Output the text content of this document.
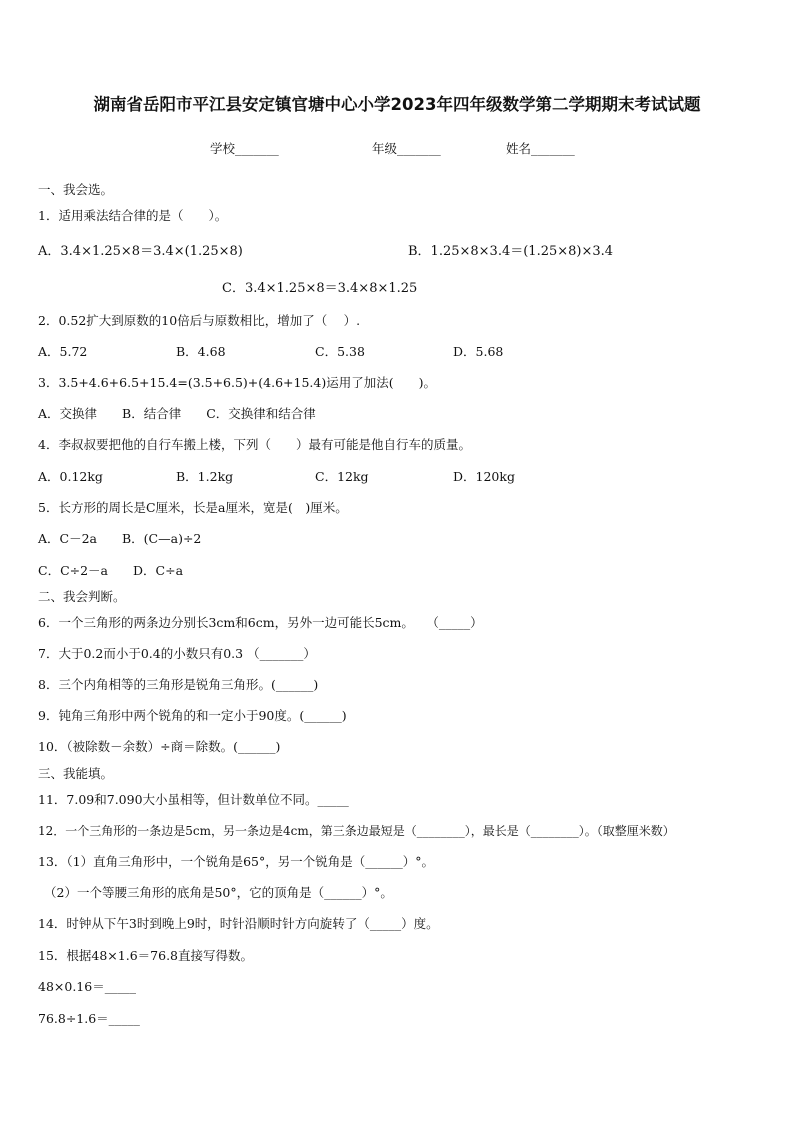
湖南省岳阳市平江县安定镇官塘中心小学2023年四年级数学第二学期期末考试试题
学校_______	年级_______	姓名_______
一、我会选。
1．适用乘法结合律的是（　　）。
A．3.4×1.25×8＝3.4×(1.25×8)	B．1.25×8×3.4＝(1.25×8)×3.4
C．3.4×1.25×8＝3.4×8×1.25
2．0.52扩大到原数的10倍后与原数相比，增加了（　 ）.
A．5.72	B．4.68	C．5.38	D．5.68
3．3.5+4.6+6.5+15.4=(3.5+6.5)+(4.6+15.4)运用了加法(　　)。
A．交换律　　B．结合律　　C．交换律和结合律
4．李叔叔要把他的自行车搬上楼，下列（　　）最有可能是他自行车的质量。
A．0.12kg	B．1.2kg	C．12kg	D．120kg
5．长方形的周长是C厘米，长是a厘米，宽是(　)厘米。
A．C－2a　　B．(C—a)÷2
C．C÷2－a　　D．C÷a
二、我会判断。
6．一个三角形的两条边分别长3cm和6cm，另外一边可能长5cm。　　（_____）
7．大于0.2而小于0.4的小数只有0.3 （_______）
8．三个内角相等的三角形是锐角三角形。(______)
9．钝角三角形中两个锐角的和一定小于90度。(______)
10．（被除数－余数）÷商＝除数。(______)
三、我能填。
11．7.09和7.090大小虽相等，但计数单位不同。_____
12．一个三角形的一条边是5cm，另一条边是4cm，第三条边最短是（________），最长是（________）。（取整厘米数）
13．（1）直角三角形中，一个锐角是65°，另一个锐角是（______）°。
（2）一个等腰三角形的底角是50°，它的顶角是（______）°。
14．时钟从下午3时到晚上9时，时针沿顺时针方向旋转了（_____）度。
15．根据48×1.6＝76.8直接写得数。
48×0.16＝_____
76.8÷1.6＝_____
